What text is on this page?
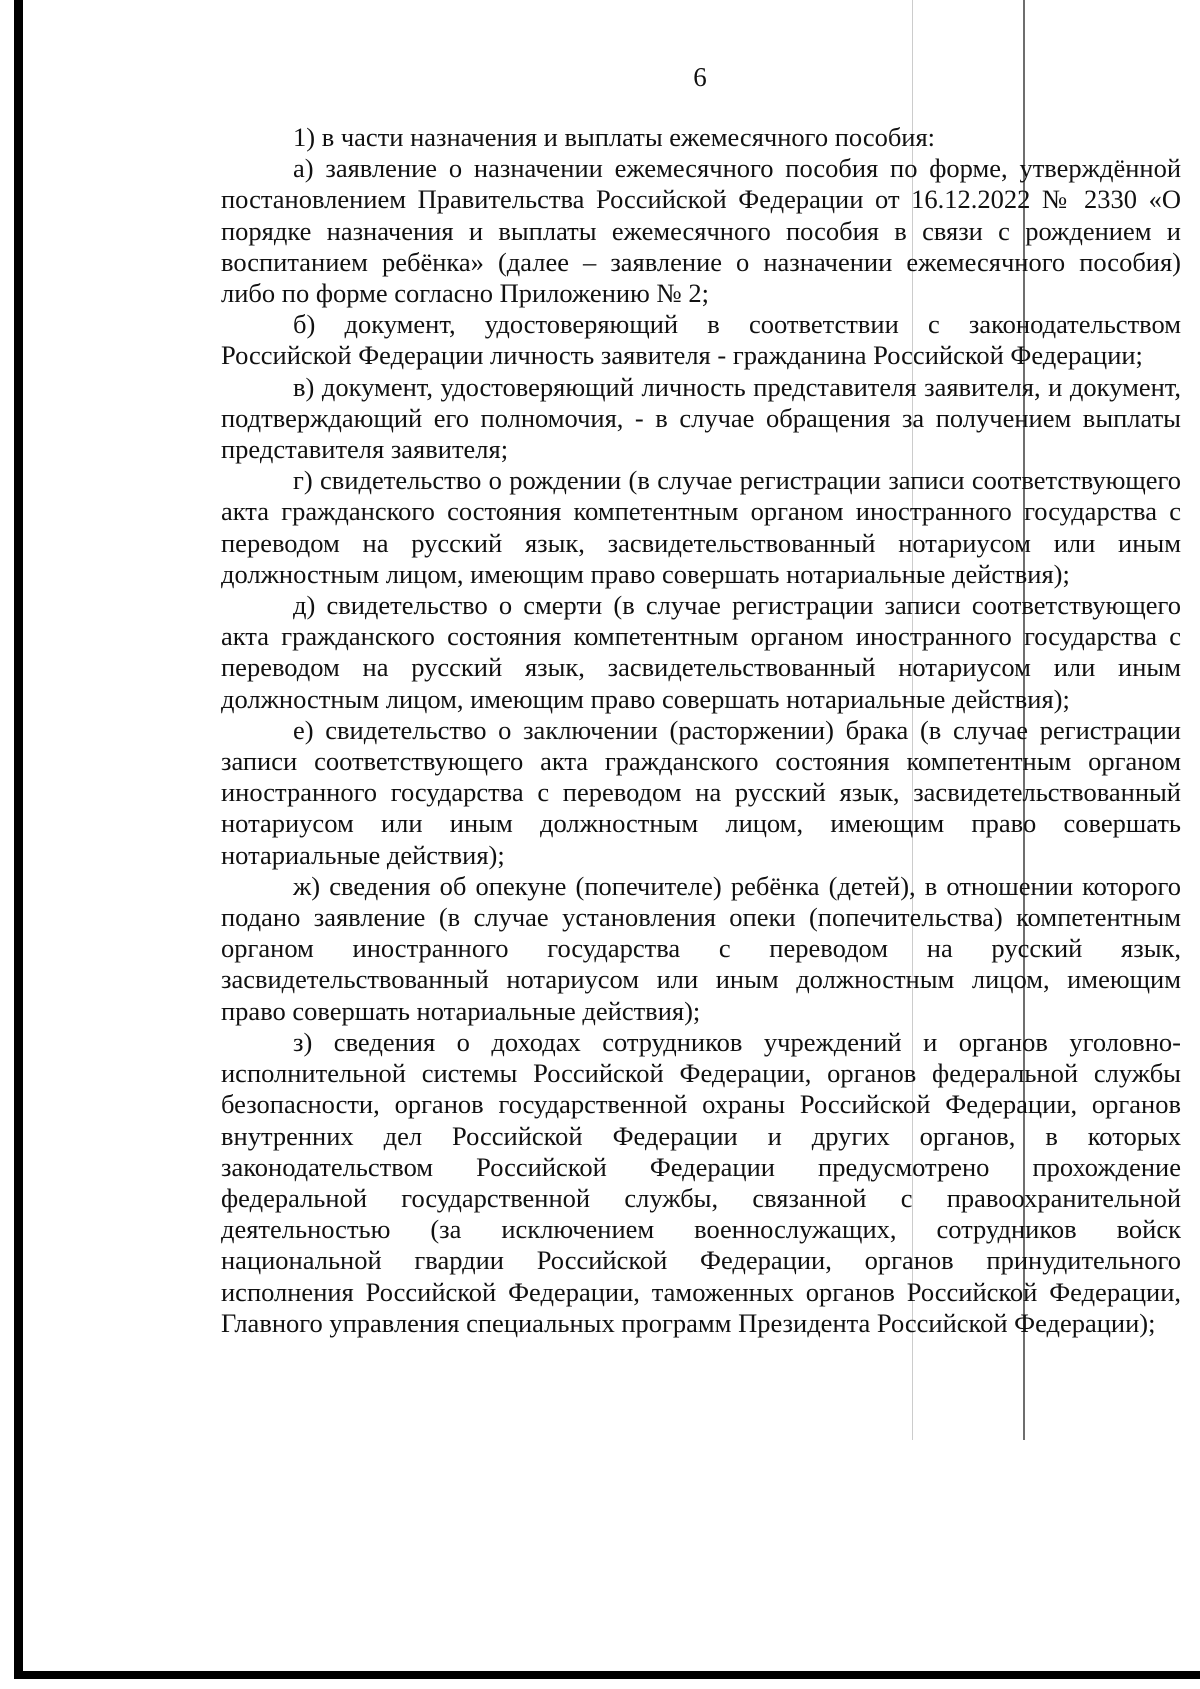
6

1) в части назначения и выплаты ежемесячного пособия:

а) заявление о назначении ежемесячного пособия по форме, утверждённой постановлением Правительства Российской Федерации от 16.12.2022 № 2330 «О порядке назначения и выплаты ежемесячного пособия в связи с рождением и воспитанием ребёнка» (далее – заявление о назначении ежемесячного пособия) либо по форме согласно Приложению № 2;

б) документ, удостоверяющий в соответствии с законодательством Российской Федерации личность заявителя - гражданина Российской Федерации;

в) документ, удостоверяющий личность представителя заявителя, и документ, подтверждающий его полномочия, - в случае обращения за получением выплаты представителя заявителя;

г) свидетельство о рождении (в случае регистрации записи соответствующего акта гражданского состояния компетентным органом иностранного государства с переводом на русский язык, засвидетельствованный нотариусом или иным должностным лицом, имеющим право совершать нотариальные действия);

д) свидетельство о смерти (в случае регистрации записи соответствующего акта гражданского состояния компетентным органом иностранного государства с переводом на русский язык, засвидетельствованный нотариусом или иным должностным лицом, имеющим право совершать нотариальные действия);

е) свидетельство о заключении (расторжении) брака (в случае регистрации записи соответствующего акта гражданского состояния компетентным органом иностранного государства с переводом на русский язык, засвидетельствованный нотариусом или иным должностным лицом, имеющим право совершать нотариальные действия);

ж) сведения об опекуне (попечителе) ребёнка (детей), в отношении которого подано заявление (в случае установления опеки (попечительства) компетентным органом иностранного государства с переводом на русский язык, засвидетельствованный нотариусом или иным должностным лицом, имеющим право совершать нотариальные действия);

з) сведения о доходах сотрудников учреждений и органов уголовно-исполнительной системы Российской Федерации, органов федеральной службы безопасности, органов государственной охраны Российской Федерации, органов внутренних дел Российской Федерации и других органов, в которых законодательством Российской Федерации предусмотрено прохождение федеральной государственной службы, связанной с правоохранительной деятельностью (за исключением военнослужащих, сотрудников войск национальной гвардии Российской Федерации, органов принудительного исполнения Российской Федерации, таможенных органов Российской Федерации, Главного управления специальных программ Президента Российской Федерации);
